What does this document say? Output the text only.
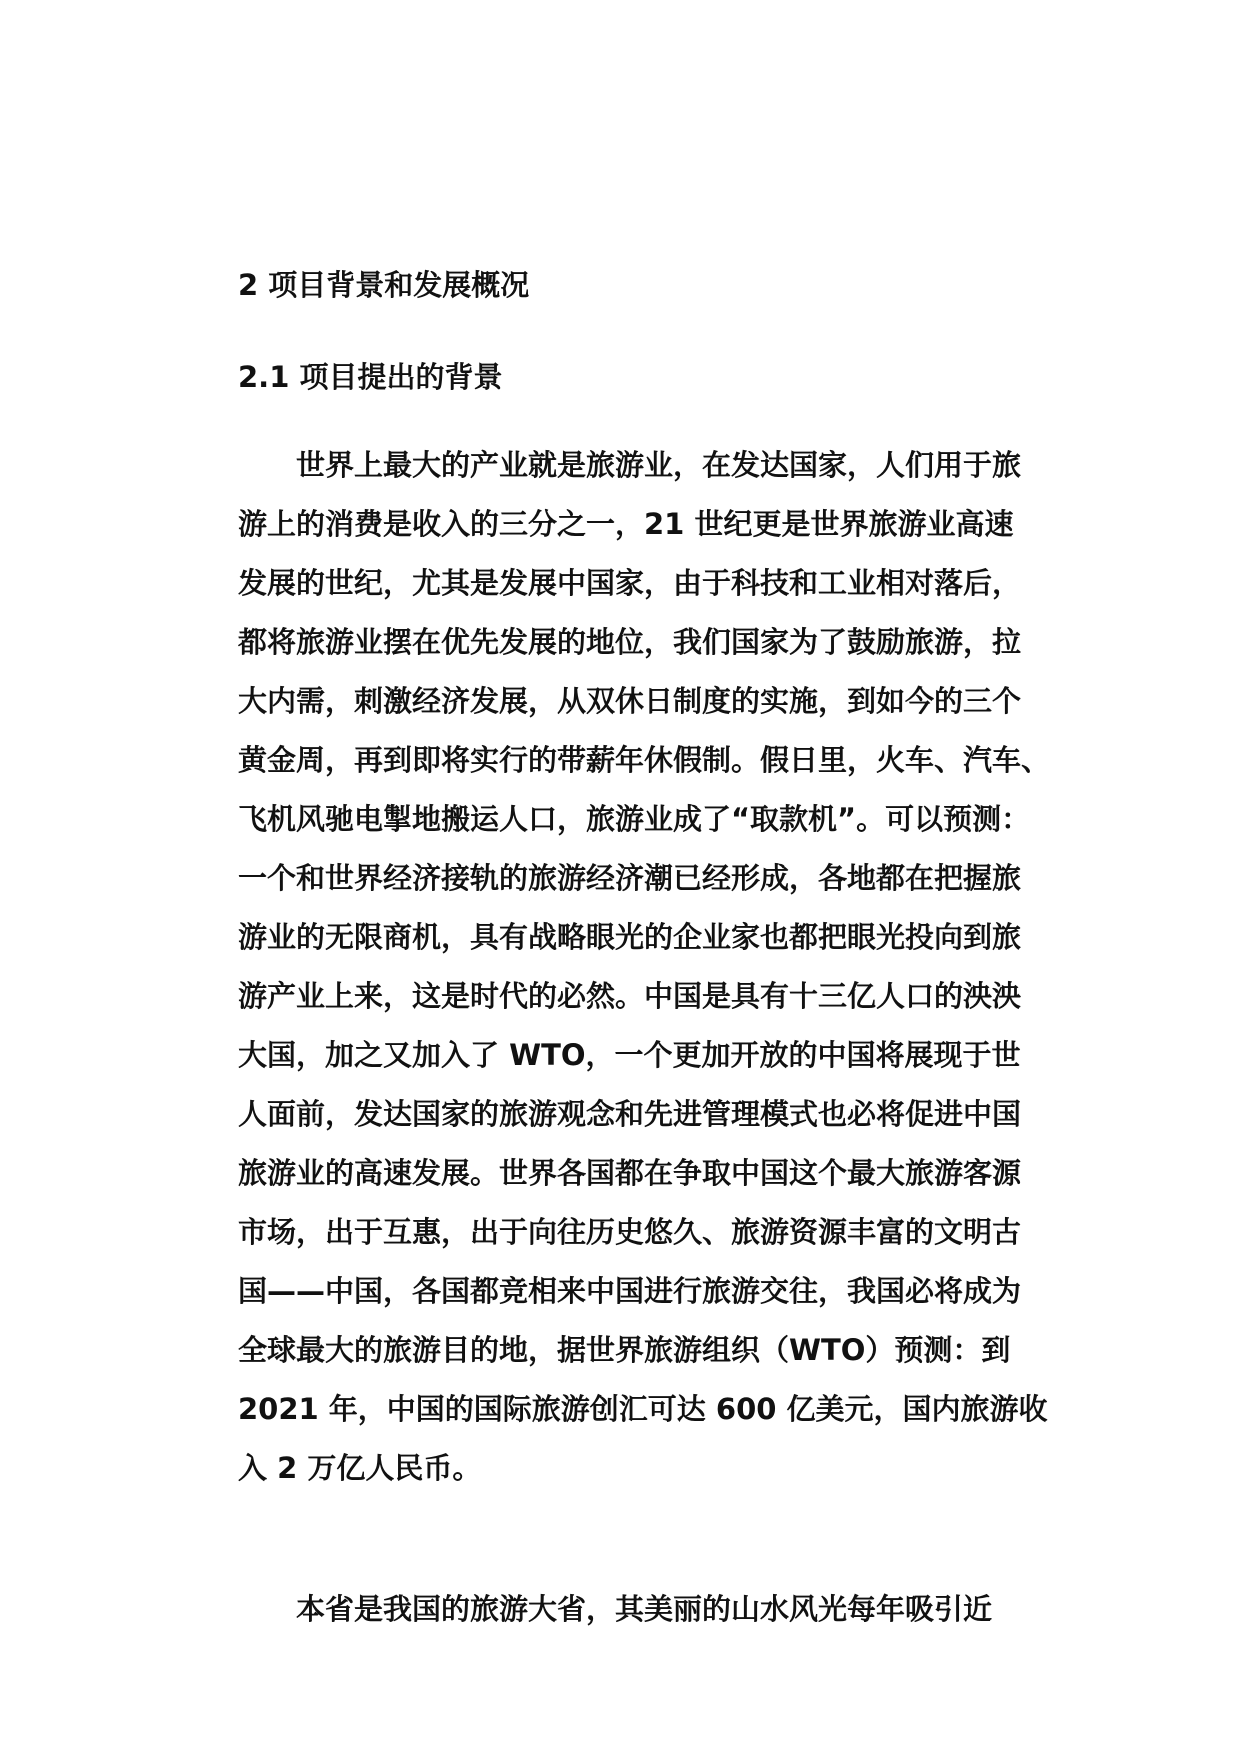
2 项目背景和发展概况
2.1 项目提出的背景
世界上最大的产业就是旅游业，在发达国家，人们用于旅
游上的消费是收入的三分之一，21 世纪更是世界旅游业高速
发展的世纪，尤其是发展中国家，由于科技和工业相对落后，
都将旅游业摆在优先发展的地位，我们国家为了鼓励旅游，拉
大内需，刺激经济发展，从双休日制度的实施，到如今的三个
黄金周，再到即将实行的带薪年休假制。假日里，火车、汽车、
飞机风驰电掣地搬运人口，旅游业成了“取款机”。可以预测：
一个和世界经济接轨的旅游经济潮已经形成，各地都在把握旅
游业的无限商机，具有战略眼光的企业家也都把眼光投向到旅
游产业上来，这是时代的必然。中国是具有十三亿人口的泱泱
大国，加之又加入了 WTO，一个更加开放的中国将展现于世
人面前，发达国家的旅游观念和先进管理模式也必将促进中国
旅游业的高速发展。世界各国都在争取中国这个最大旅游客源
市场，出于互惠，出于向往历史悠久、旅游资源丰富的文明古
国——中国，各国都竞相来中国进行旅游交往，我国必将成为
全球最大的旅游目的地，据世界旅游组织（WTO）预测：到
2021 年，中国的国际旅游创汇可达 600 亿美元，国内旅游收
入 2 万亿人民币。
本省是我国的旅游大省，其美丽的山水风光每年吸引近
